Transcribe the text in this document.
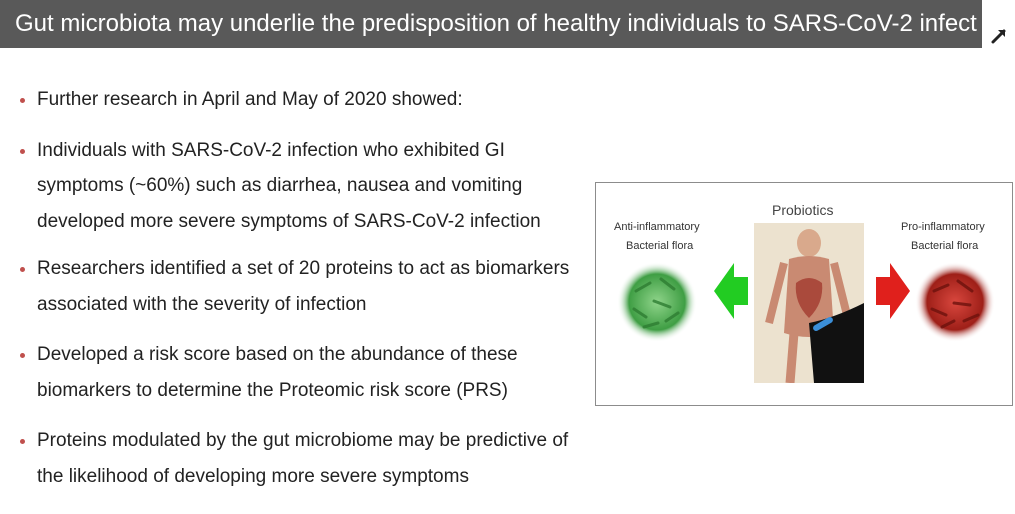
Gut microbiota may underlie the predisposition of healthy individuals to SARS-CoV-2 infect
Further research in April and May of 2020 showed:
Individuals with SARS-CoV-2 infection who exhibited GI symptoms (~60%) such as diarrhea, nausea and vomiting developed more severe symptoms of SARS-CoV-2 infection
Researchers identified a set of 20 proteins to act as biomarkers associated with the severity of infection
Developed a risk score based on the abundance of these biomarkers to determine the Proteomic risk score (PRS)
Proteins modulated by the gut microbiome may be predictive of the likelihood of developing more severe symptoms
Probiotics
Anti-inflammatory
Bacterial flora
Pro-inflammatory
Bacterial flora
